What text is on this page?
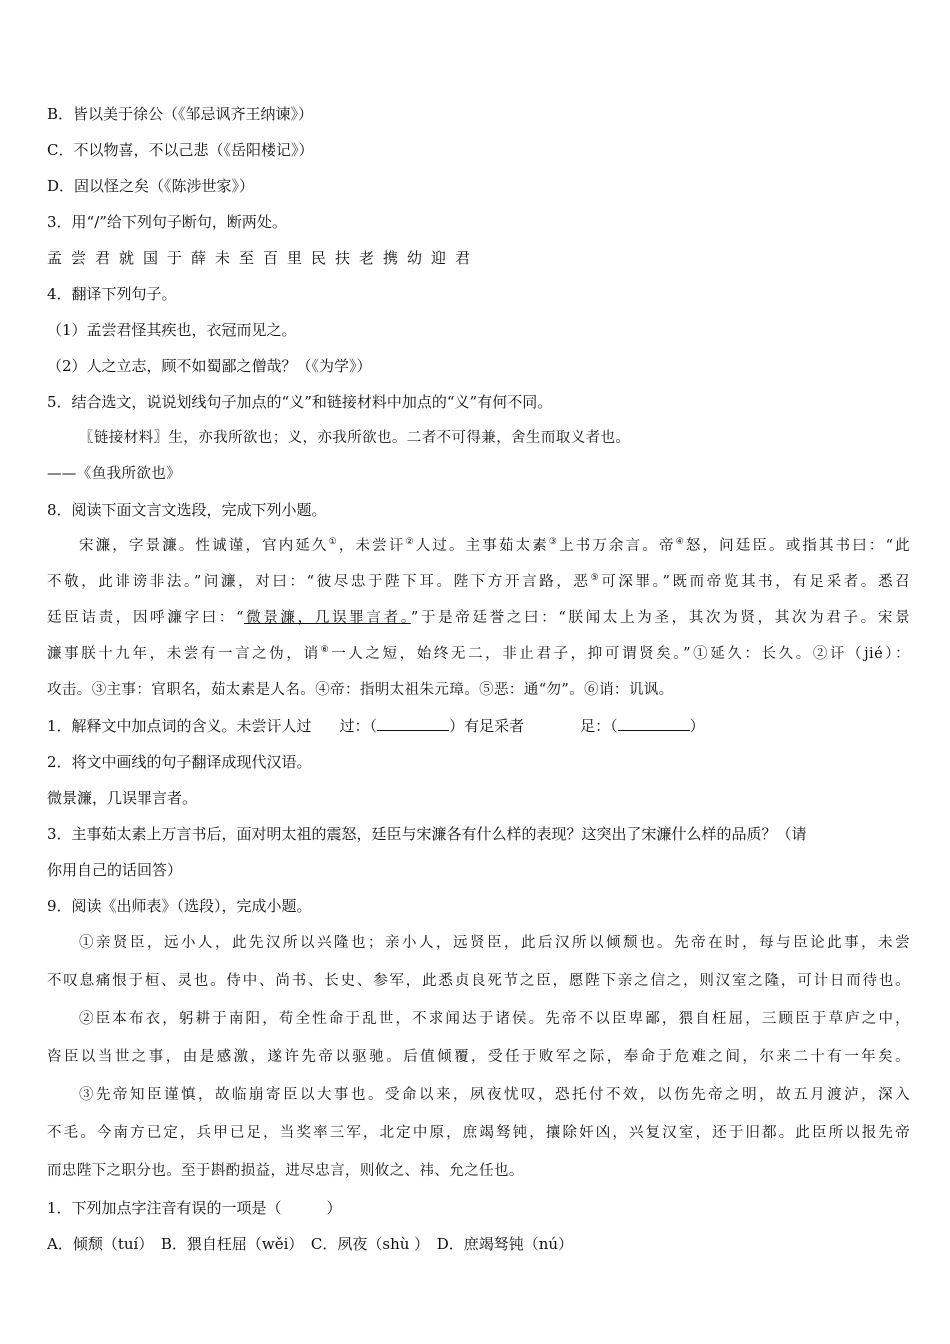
B．皆以美于徐公（《邹忌讽齐王纳谏》）
C．不以物喜，不以己悲（《岳阳楼记》）
D．固以怪之矣（《陈涉世家》）
3．用“/”给下列句子断句，断两处。
孟尝君就国于薛未至百里民扶老携幼迎君
4．翻译下列句子。
（1）孟尝君怪其疾也，衣冠而见之。
（2）人之立志，顾不如蜀鄙之僧哉？（《为学》）
5．结合选文，说说划线句子加点的“义”和链接材料中加点的“义”有何不同。
〖链接材料〗生，亦我所欲也；义，亦我所欲也。二者不可得兼，舍生而取义者也。
——《鱼我所欲也》
8．阅读下面文言文选段，完成下列小题。
宋濂，字景濂。性诚谨，官内延久①，未尝讦②人过。主事茹太素③上书万余言。帝④怒，问廷臣。或指其书曰：“此
不敬，此诽谤非法。”问濂，对曰：“彼尽忠于陛下耳。陛下方开言路，恶⑤可深罪。”既而帝览其书，有足采者。悉召
廷臣诘责，因呼濂字曰：“微景濂，几误罪言者。”于是帝廷誉之曰：“朕闻太上为圣，其次为贤，其次为君子。宋景
濂事朕十九年，未尝有一言之伪，诮⑥一人之短，始终无二，非止君子，抑可谓贤矣。”①延久：长久。②讦（jié）：
攻击。③主事：官职名，茹太素是人名。④帝：指明太祖朱元璋。⑤恶：通“勿”。⑥诮：讥讽。
1．解释文中加点词的含义。未尝讦人过 过：（	）有足采者	足：（	）
2．将文中画线的句子翻译成现代汉语。
微景濂，几误罪言者。
3．主事茹太素上万言书后，面对明太祖的震怒，廷臣与宋濂各有什么样的表现？这突出了宋濂什么样的品质？（请
你用自己的话回答）
9．阅读《出师表》（选段），完成小题。
①亲贤臣，远小人，此先汉所以兴隆也；亲小人，远贤臣，此后汉所以倾颓也。先帝在时，每与臣论此事，未尝
不叹息痛恨于桓、灵也。侍中、尚书、长史、参军，此悉贞良死节之臣，愿陛下亲之信之，则汉室之隆，可计日而待也。
②臣本布衣，躬耕于南阳，苟全性命于乱世，不求闻达于诸侯。先帝不以臣卑鄙，猥自枉屈，三顾臣于草庐之中，
咨臣以当世之事，由是感激，遂许先帝以驱驰。后值倾覆，受任于败军之际，奉命于危难之间，尔来二十有一年矣。
③先帝知臣谨慎，故临崩寄臣以大事也。受命以来，夙夜忧叹，恐托付不效，以伤先帝之明，故五月渡泸，深入
不毛。今南方已定，兵甲已足，当奖率三军，北定中原，庶竭驽钝，攘除奸凶，兴复汉室，还于旧都。此臣所以报先帝
而忠陛下之职分也。至于斟酌损益，进尽忠言，则攸之、祎、允之任也。
1．下列加点字注音有误的一项是（　　　）
A．倾颓（tuí）　 B．猥自枉屈（wěi）　 C．夙夜（shù ）　 D．庶竭驽钝（nú）
